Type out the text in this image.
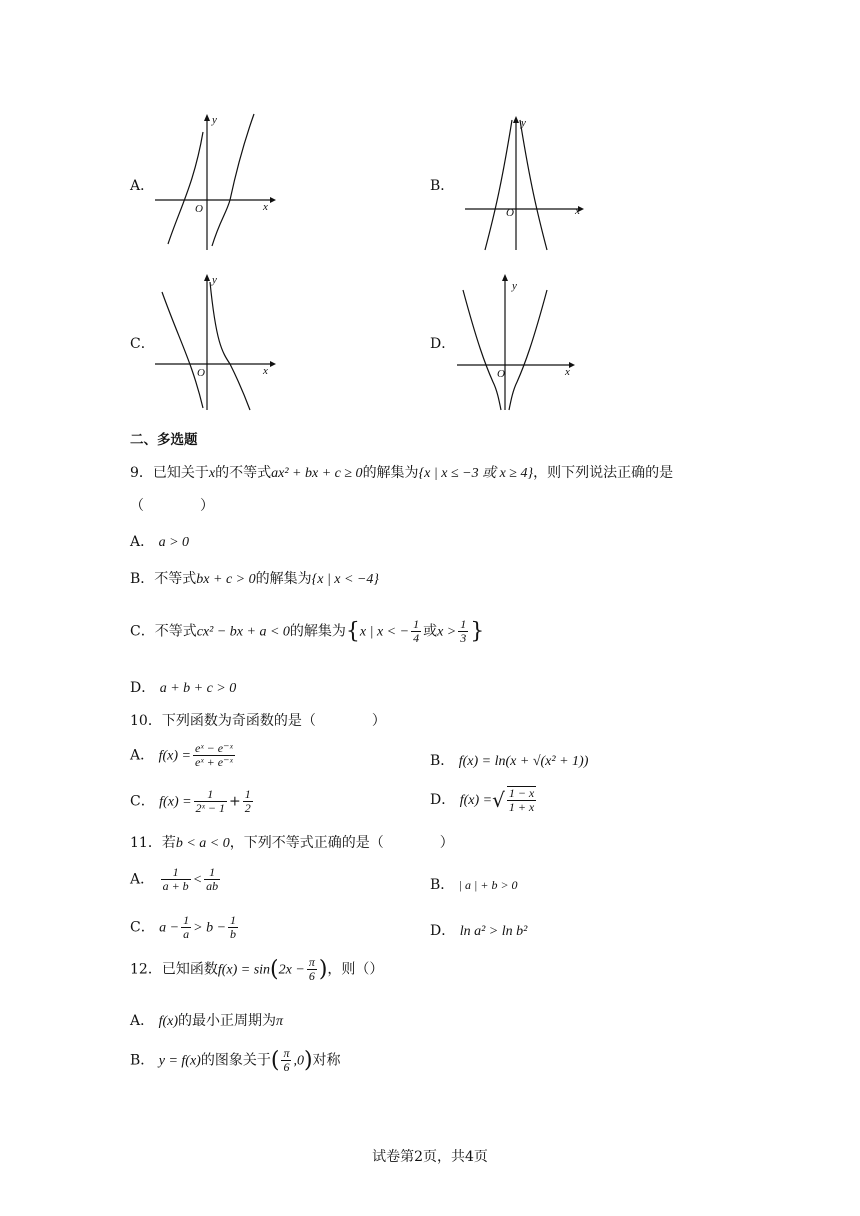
A．
y
x
O
B．
y
x
O
C．
y
x
O
D．
y
x
O
二、多选题
9．已知关于x的不等式ax² + bx + c ≥ 0的解集为{x | x ≤ −3 或 x ≥ 4}，则下列说法正确的是
（　　　　）
A． a > 0
B．不等式bx + c > 0的解集为{x | x < −4}
C．不等式cx² − bx + a < 0的解集为{x | x < − $\frac{1}{4}$ 或$x > \frac{1}{3}$ }
D． a + b + c > 0
10．下列函数为奇函数的是（　　　　）
A． $f(x) = \frac{\text{eˣ − e⁻ˣ}}{\text{eˣ + e⁻ˣ}}$	B． f(x) = ln(x + √(x² + 1))
C． $f(x) = \frac{1}{\text{2ˣ − 1}} + \frac{1}{2}$	D． f(x) =√ $\frac{1 - x}{1 + x}$
11．若b < a < 0，下列不等式正确的是（　　　　）
A． $\frac{1}{a + b} < \frac{1}{ab}$	B． | a | + b > 0
C． $a - \frac{1}{a} > b - \frac{1}{b}$	D． ln a² > ln b²
12．已知函数$f(x) = \sin(2x - \frac{\pi}{6}$ )，则（）
A． f(x)的最小正周期为π
B． y = f(x)的图象关于( $\frac{\pi}{6} ,0$)对称
试卷第2页，共4页
